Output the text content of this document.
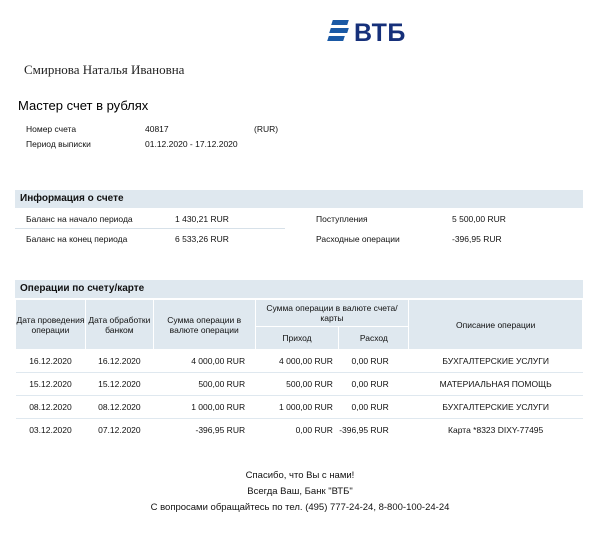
ВТБ
Смирнова Наталья Ивановна
Мастер счет в рублях
Номер счета	40817	(RUR)
Период выписки	01.12.2020 - 17.12.2020
Информация о счете
Баланс на начало периода	1 430,21 RUR	Поступления	5 500,00 RUR
Баланс на конец периода	6 533,26 RUR	Расходные операции	-396,95 RUR
Операции по счету/карте
Дата проведения операции	Дата обработки банком	Сумма операции в валюте операции	Сумма операции в валюте счета/карты		Описание операции
			Приход	Расход	
16.12.2020	16.12.2020	4 000,00 RUR	4 000,00 RUR	0,00 RUR	БУХГАЛТЕРСКИЕ УСЛУГИ
15.12.2020	15.12.2020	500,00 RUR	500,00 RUR	0,00 RUR	МАТЕРИАЛЬНАЯ ПОМОЩЬ
08.12.2020	08.12.2020	1 000,00 RUR	1 000,00 RUR	0,00 RUR	БУХГАЛТЕРСКИЕ УСЛУГИ
03.12.2020	07.12.2020	-396,95 RUR	0,00 RUR	-396,95 RUR	Карта *8323 DIXY-77495
Спасибо, что Вы с нами!
Всегда Ваш, Банк "ВТБ"
С вопросами обращайтесь по тел. (495) 777-24-24, 8-800-100-24-24
